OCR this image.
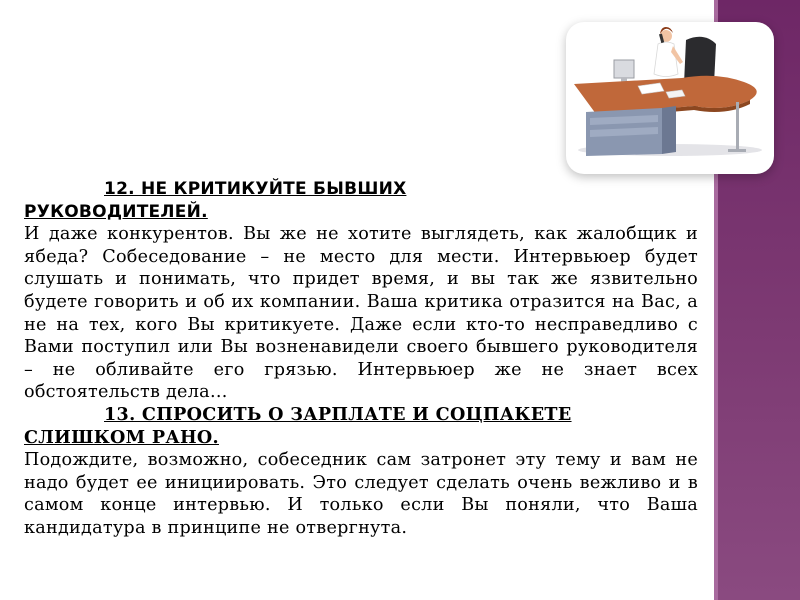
12. НЕ КРИТИКУЙТЕ БЫВШИХ

РУКОВОДИТЕЛЕЙ.

И даже конкурентов. Вы же не хотите выглядеть, как жалобщик и ябеда? Собеседование – не место для мести. Интервьюер будет слушать и понимать, что придет время, и вы так же язвительно будете говорить и об их компании. Ваша критика отразится на Вас, а не на тех, кого Вы критикуете. Даже если кто-то несправедливо с Вами поступил или Вы возненавидели своего бывшего руководителя – не обливайте его грязью. Интервьюер же не знает всех обстоятельств дела…

13. СПРОСИТЬ О ЗАРПЛАТЕ И СОЦПАКЕТЕ

СЛИШКОМ РАНО.

Подождите, возможно, собеседник сам затронет эту тему и вам не надо будет ее инициировать. Это следует сделать очень вежливо и в самом конце интервью. И только если Вы поняли, что Ваша кандидатура в принципе не отвергнута.
